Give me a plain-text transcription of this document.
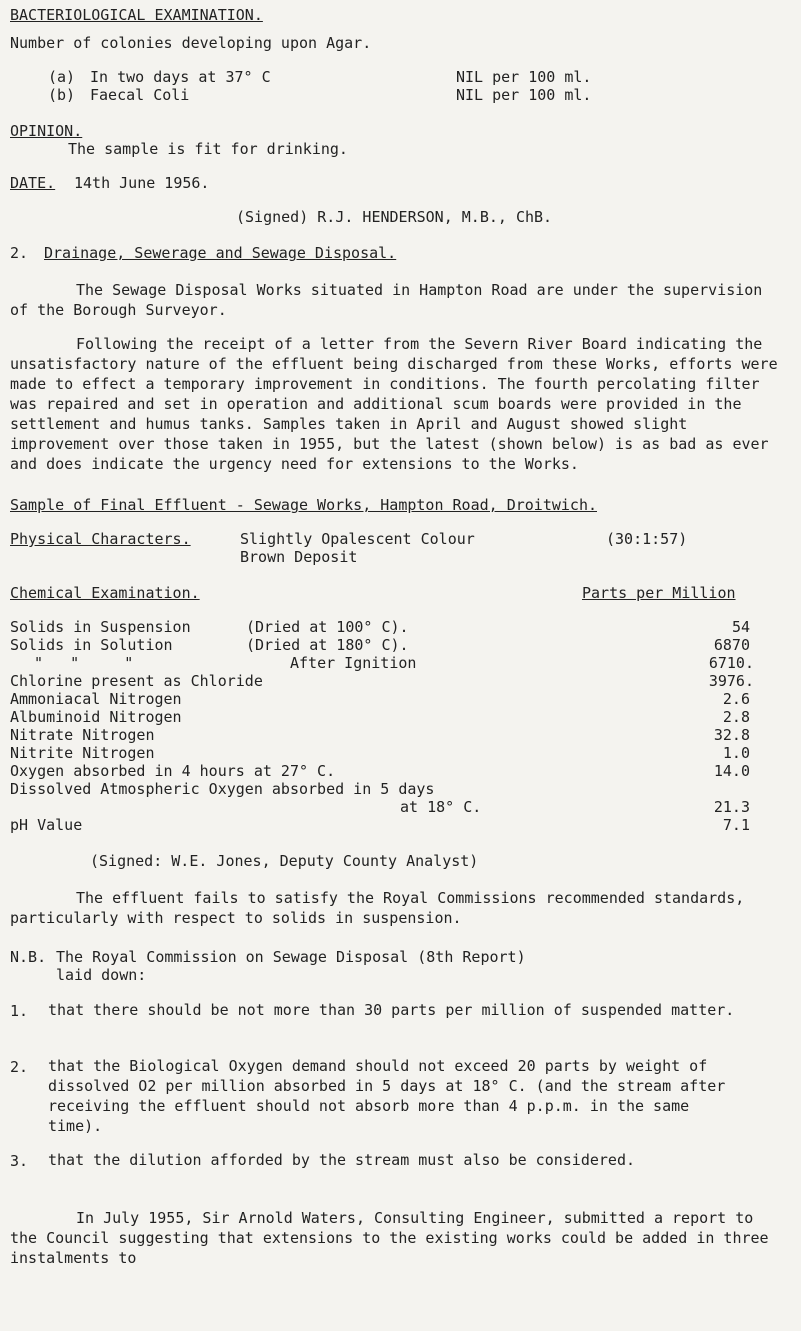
BACTERIOLOGICAL EXAMINATION.
Number of colonies developing upon Agar.
(a) In two days at 37° C	NIL per 100 ml.
(b) Faecal Coli	NIL per 100 ml.
OPINION.
The sample is fit for drinking.
DATE. 14th June 1956.
(Signed) R.J. HENDERSON, M.B., ChB.
2. Drainage, Sewerage and Sewage Disposal.

The Sewage Disposal Works situated in Hampton Road are under the supervision of the Borough Surveyor.

Following the receipt of a letter from the Severn River Board indicating the unsatisfactory nature of the effluent being discharged from these Works, efforts were made to effect a temporary improvement in conditions. The fourth percolating filter was repaired and set in operation and additional scum boards were provided in the settlement and humus tanks. Samples taken in April and August showed slight improvement over those taken in 1955, but the latest (shown below) is as bad as ever and does indicate the urgency need for extensions to the Works.

Sample of Final Effluent - Sewage Works, Hampton Road, Droitwich.
Physical Characters.	Slightly Opalescent Colour
Brown Deposit
(30:1:57)
Chemical Examination.	Parts per Million
Solids in Suspension	(Dried at 100° C).	54
Solids in Solution	(Dried at 180° C).	6870
"   "     "	After Ignition	6710.
Chlorine present as Chloride	3976.
Ammoniacal Nitrogen	2.6
Albuminoid Nitrogen	2.8
Nitrate Nitrogen	32.8
Nitrite Nitrogen	1.0
Oxygen absorbed in 4 hours at 27° C.	14.0
Dissolved Atmospheric Oxygen absorbed in 5 days
at 18° C.	21.3
pH Value	7.1
(Signed: W.E. Jones, Deputy County Analyst)

The effluent fails to satisfy the Royal Commissions recommended standards, particularly with respect to solids in suspension.

N.B. The Royal Commission on Sewage Disposal (8th Report)
laid down:
1. that there should be not more than 30 parts per million of suspended matter.

2. that the Biological Oxygen demand should not exceed 20 parts by weight of dissolved O2 per million absorbed in 5 days at 18° C. (and the stream after receiving the effluent should not absorb more than 4 p.p.m. in the same time).

3. that the dilution afforded by the stream must also be considered.

In July 1955, Sir Arnold Waters, Consulting Engineer, submitted a report to the Council suggesting that extensions to the existing works could be added in three instalments to
